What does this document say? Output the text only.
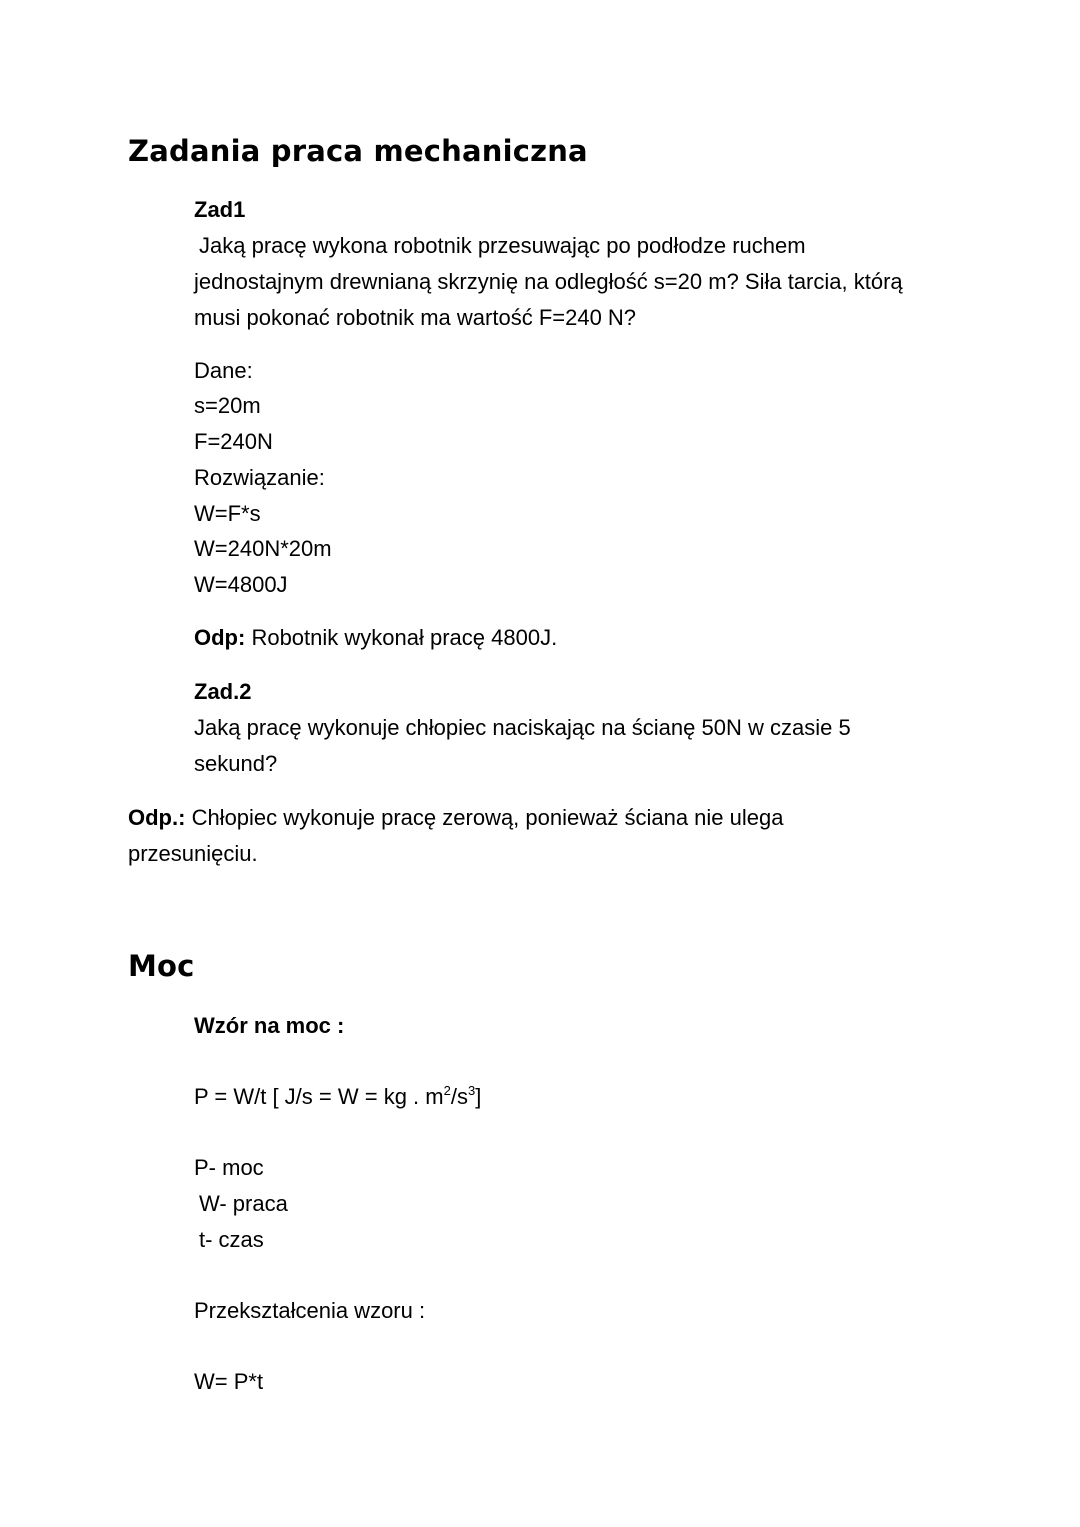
Zadania praca mechaniczna

Zad1

Jaką pracę wykona robotnik przesuwając po podłodze ruchem

jednostajnym drewnianą skrzynię na odległość s=20 m? Siła tarcia, którą

musi pokonać robotnik ma wartość F=240 N?

Dane:

s=20m

F=240N

Rozwiązanie:

W=F*s

W=240N*20m

W=4800J

Odp: Robotnik wykonał pracę 4800J.

Zad.2

Jaką pracę wykonuje chłopiec naciskając na ścianę 50N w czasie 5

sekund?

Odp.: Chłopiec wykonuje pracę zerową, ponieważ ściana nie ulega

przesunięciu.

Moc

Wzór na moc :

P = W/t [ J/s = W = kg . $m^2/s^3$]

P- moc

W- praca

t- czas

Przekształcenia wzoru :

W= P*t
